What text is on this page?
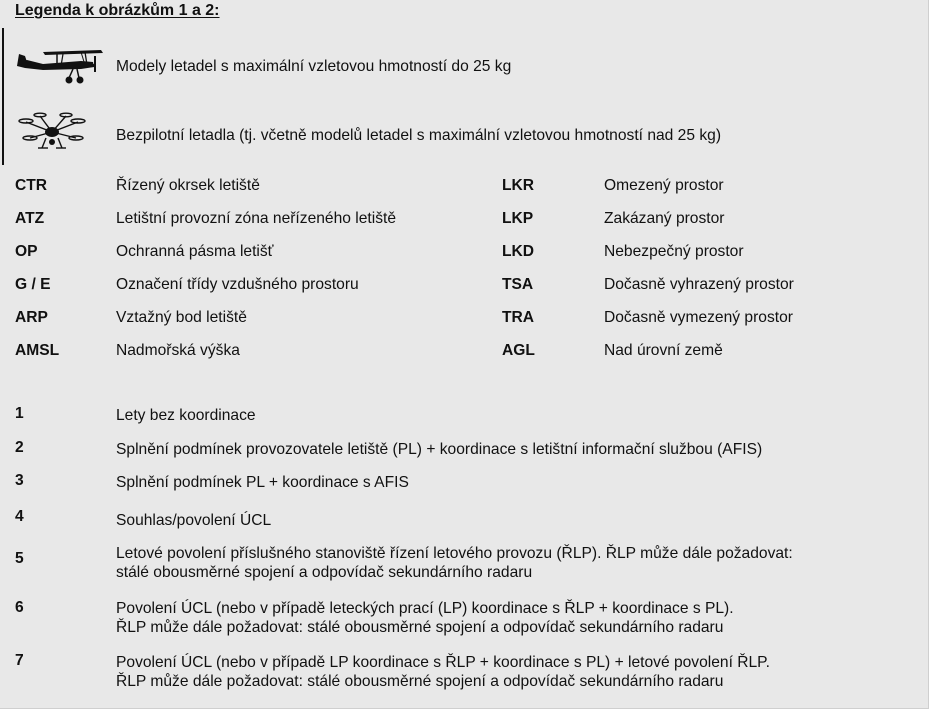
Legenda k obrázkům 1 a 2:
Modely letadel s maximální vzletovou hmotností do 25 kg
Bezpilotní letadla (tj. včetně modelů letadel s maximální vzletovou hmotností nad 25 kg)
CTR	Řízený okrsek letiště
ATZ	Letištní provozní zóna neřízeného letiště
OP	Ochranná pásma letišť
G / E	Označení třídy vzdušného prostoru
ARP	Vztažný bod letiště
AMSL	Nadmořská výška
LKR	Omezený prostor
LKP	Zakázaný prostor
LKD	Nebezpečný prostor
TSA	Dočasně vyhrazený prostor
TRA	Dočasně vymezený prostor
AGL	Nad úrovní země
1	Lety bez koordinace
2	Splnění podmínek provozovatele letiště (PL) + koordinace s letištní informační službou (AFIS)
3	Splnění podmínek PL + koordinace s AFIS
4	Souhlas/povolení ÚCL
5	Letové povolení příslušného stanoviště řízení letového provozu (ŘLP). ŘLP může dále požadovat:
stálé obousměrné spojení a odpovídač sekundárního radaru
6	Povolení ÚCL (nebo v případě leteckých prací (LP) koordinace s ŘLP + koordinace s PL).
ŘLP může dále požadovat: stálé obousměrné spojení a odpovídač sekundárního radaru
7	Povolení ÚCL (nebo v případě LP koordinace s ŘLP + koordinace s PL) + letové povolení ŘLP.
ŘLP může dále požadovat: stálé obousměrné spojení a odpovídač sekundárního radaru
